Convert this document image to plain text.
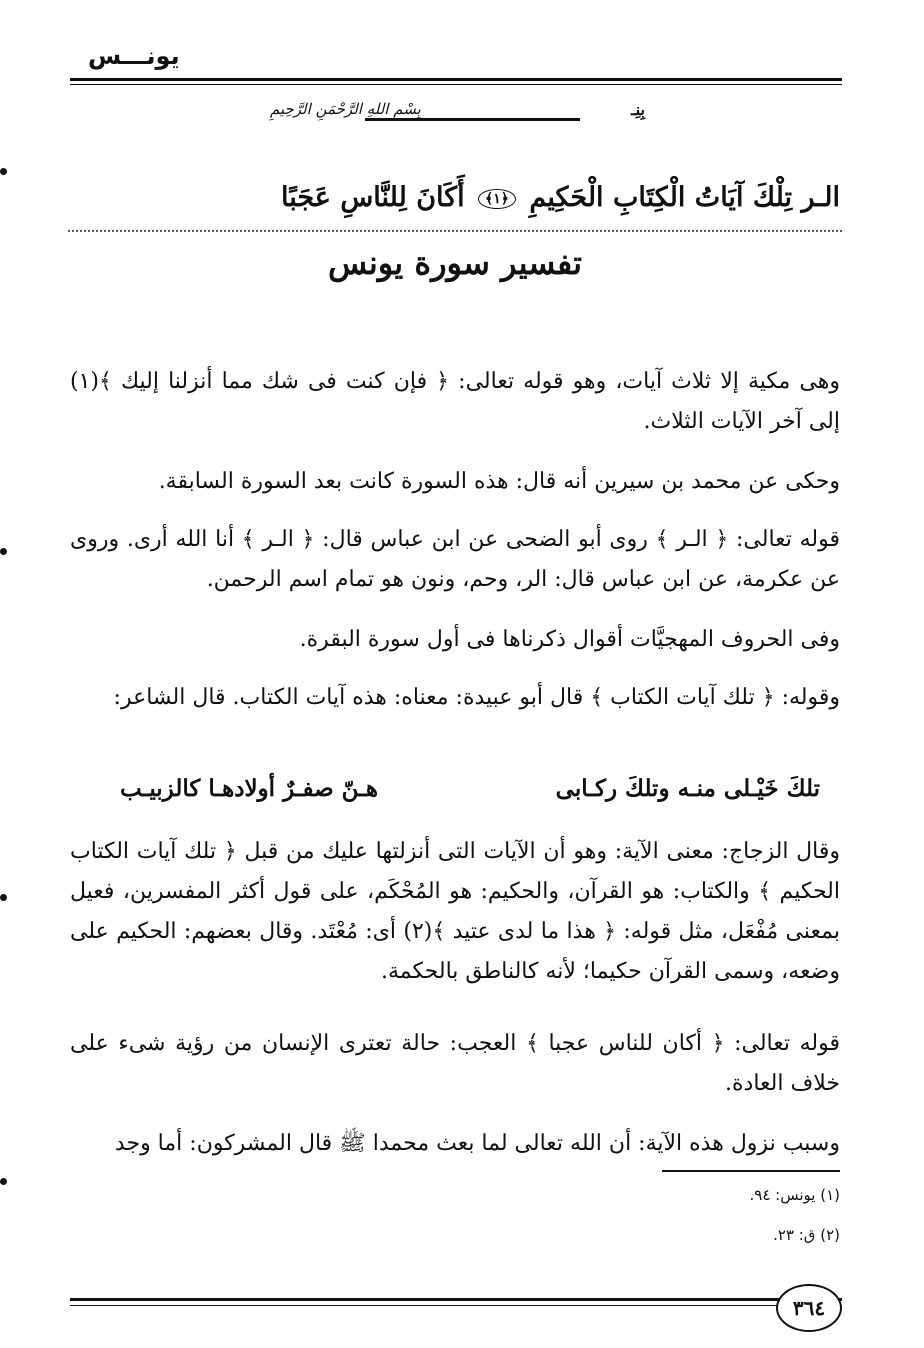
يونـــس
بِسْمِ اللهِ الرَّحْمَنِ الرَّحِيمِ	بِنِـ
الـر تِلْكَ آيَاتُ الْكِتَابِ الْحَكِيمِ ﴿١﴾ أَكَانَ لِلنَّاسِ عَجَبًا
تفسير سورة يونس
وهى مكية إلا ثلاث آيات، وهو قوله تعالى: ﴿ فإن كنت فى شك مما أنزلنا إليك ﴾(١) إلى آخر الآيات الثلاث.
وحكى عن محمد بن سيرين أنه قال: هذه السورة كانت بعد السورة السابقة.
قوله تعالى: ﴿ الـر ﴾ روى أبو الضحى عن ابن عباس قال: ﴿ الـر ﴾ أنا الله أرى. وروى عن عكرمة، عن ابن عباس قال: الر، وحم، ونون هو تمام اسم الرحمن.
وفى الحروف المهجيَّات أقوال ذكرناها فى أول سورة البقرة.
وقوله: ﴿ تلك آيات الكتاب ﴾ قال أبو عبيدة: معناه: هذه آيات الكتاب. قال الشاعر:
تلكَ خَيْـلى منـه وتلكَ ركـابى
هـنّ صفـرٌ أولادهـا كالزبيـب
وقال الزجاج: معنى الآية: وهو أن الآيات التى أنزلتها عليك من قبل ﴿ تلك آيات الكتاب الحكيم ﴾ والكتاب: هو القرآن، والحكيم: هو المُحْكَم، على قول أكثر المفسرين، فعيل بمعنى مُفْعَل، مثل قوله: ﴿ هذا ما لدى عتيد ﴾(٢) أى: مُعْتَد. وقال بعضهم: الحكيم على وضعه، وسمى القرآن حكيما؛ لأنه كالناطق بالحكمة.
قوله تعالى: ﴿ أكان للناس عجبا ﴾ العجب: حالة تعترى الإنسان من رؤية شىء على خلاف العادة.
وسبب نزول هذه الآية: أن الله تعالى لما بعث محمدا ﷺ قال المشركون: أما وجد
(١) يونس: ٩٤.
(٢) ق: ٢٣.
٣٦٤
